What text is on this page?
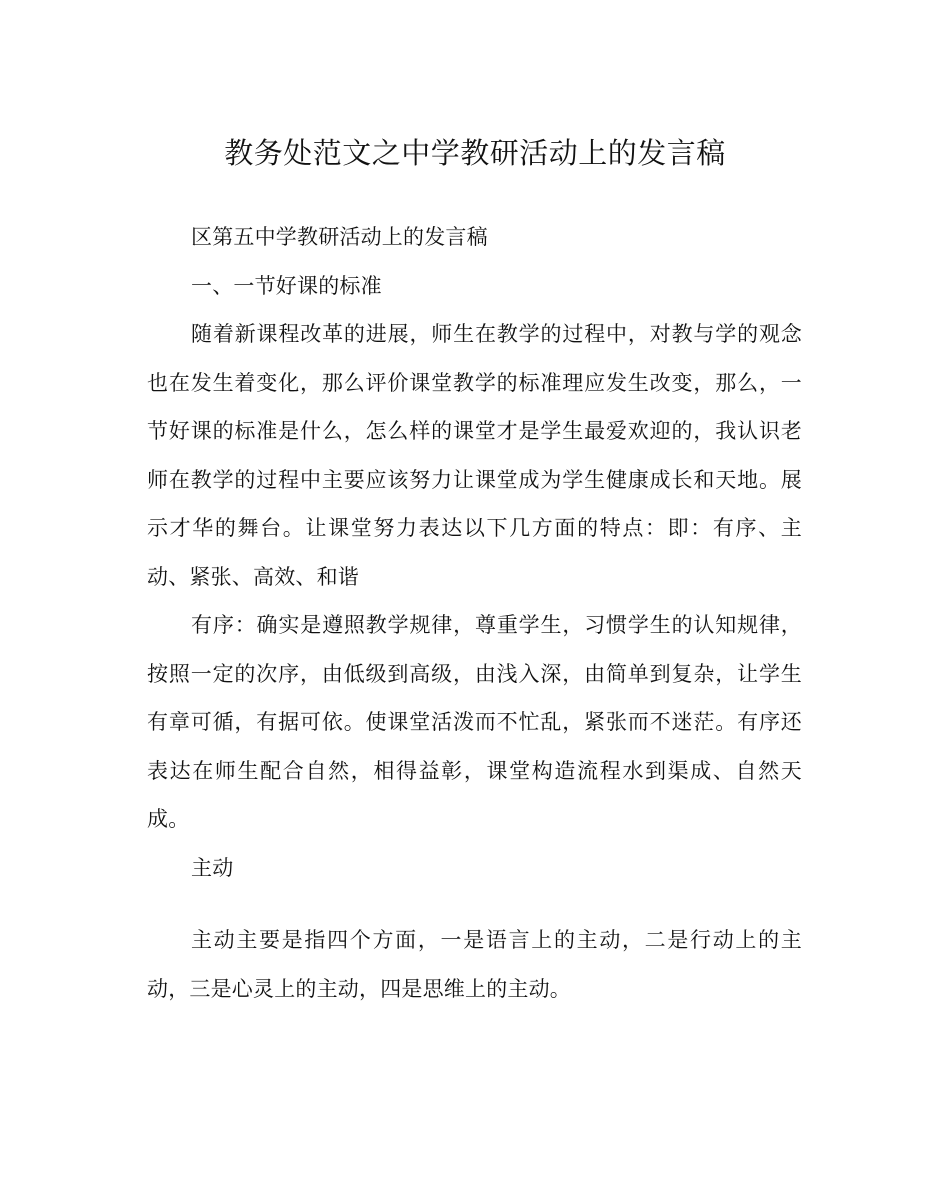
教务处范文之中学教研活动上的发言稿

区第五中学教研活动上的发言稿

一、一节好课的标准

随着新课程改革的进展，师生在教学的过程中，对教与学的观念也在发生着变化，那么评价课堂教学的标准理应发生改变，那么，一节好课的标准是什么，怎么样的课堂才是学生最爱欢迎的，我认识老师在教学的过程中主要应该努力让课堂成为学生健康成长和天地。展示才华的舞台。让课堂努力表达以下几方面的特点：即：有序、主动、紧张、高效、和谐

有序：确实是遵照教学规律，尊重学生，习惯学生的认知规律，按照一定的次序，由低级到高级，由浅入深，由简单到复杂，让学生有章可循，有据可依。使课堂活泼而不忙乱，紧张而不迷茫。有序还表达在师生配合自然，相得益彰，课堂构造流程水到渠成、自然天成。

主动

主动主要是指四个方面，一是语言上的主动，二是行动上的主动，三是心灵上的主动，四是思维上的主动。
